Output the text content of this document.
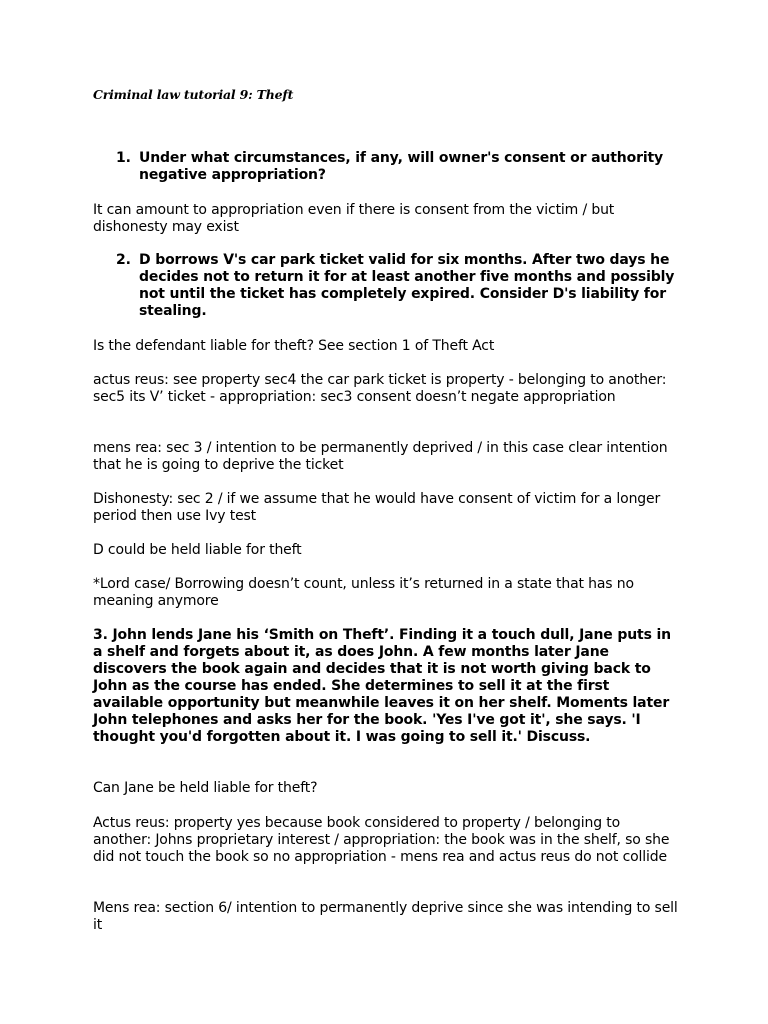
Criminal law tutorial 9: Theft
1. Under what circumstances, if any, will owner's consent or authority negative appropriation?

It can amount to appropriation even if there is consent from the victim / but dishonesty may exist

2. D borrows V's car park ticket valid for six months. After two days he decides not to return it for at least another five months and possibly not until the ticket has completely expired. Consider D's liability for stealing.

Is the defendant liable for theft? See section 1 of Theft Act

actus reus: see property sec4 the car park ticket is property - belonging to another: sec5 its V’ ticket - appropriation: sec3 consent doesn’t negate appropriation

mens rea: sec 3 / intention to be permanently deprived / in this case clear intention that he is going to deprive the ticket

Dishonesty: sec 2 / if we assume that he would have consent of victim for a longer period then use Ivy test

D could be held liable for theft

*Lord case/ Borrowing doesn’t count, unless it’s returned in a state that has no meaning anymore

3. John lends Jane his ‘Smith on Theft’. Finding it a touch dull, Jane puts in a shelf and forgets about it, as does John. A few months later Jane discovers the book again and decides that it is not worth giving back to John as the course has ended. She determines to sell it at the first available opportunity but meanwhile leaves it on her shelf. Moments later John telephones and asks her for the book. 'Yes I've got it', she says. 'I thought you'd forgotten about it. I was going to sell it.' Discuss.

Can Jane be held liable for theft?

Actus reus: property yes because book considered to property / belonging to another: Johns proprietary interest / appropriation: the book was in the shelf, so she did not touch the book so no appropriation - mens rea and actus reus do not collide

Mens rea: section 6/ intention to permanently deprive since she was intending to sell it
